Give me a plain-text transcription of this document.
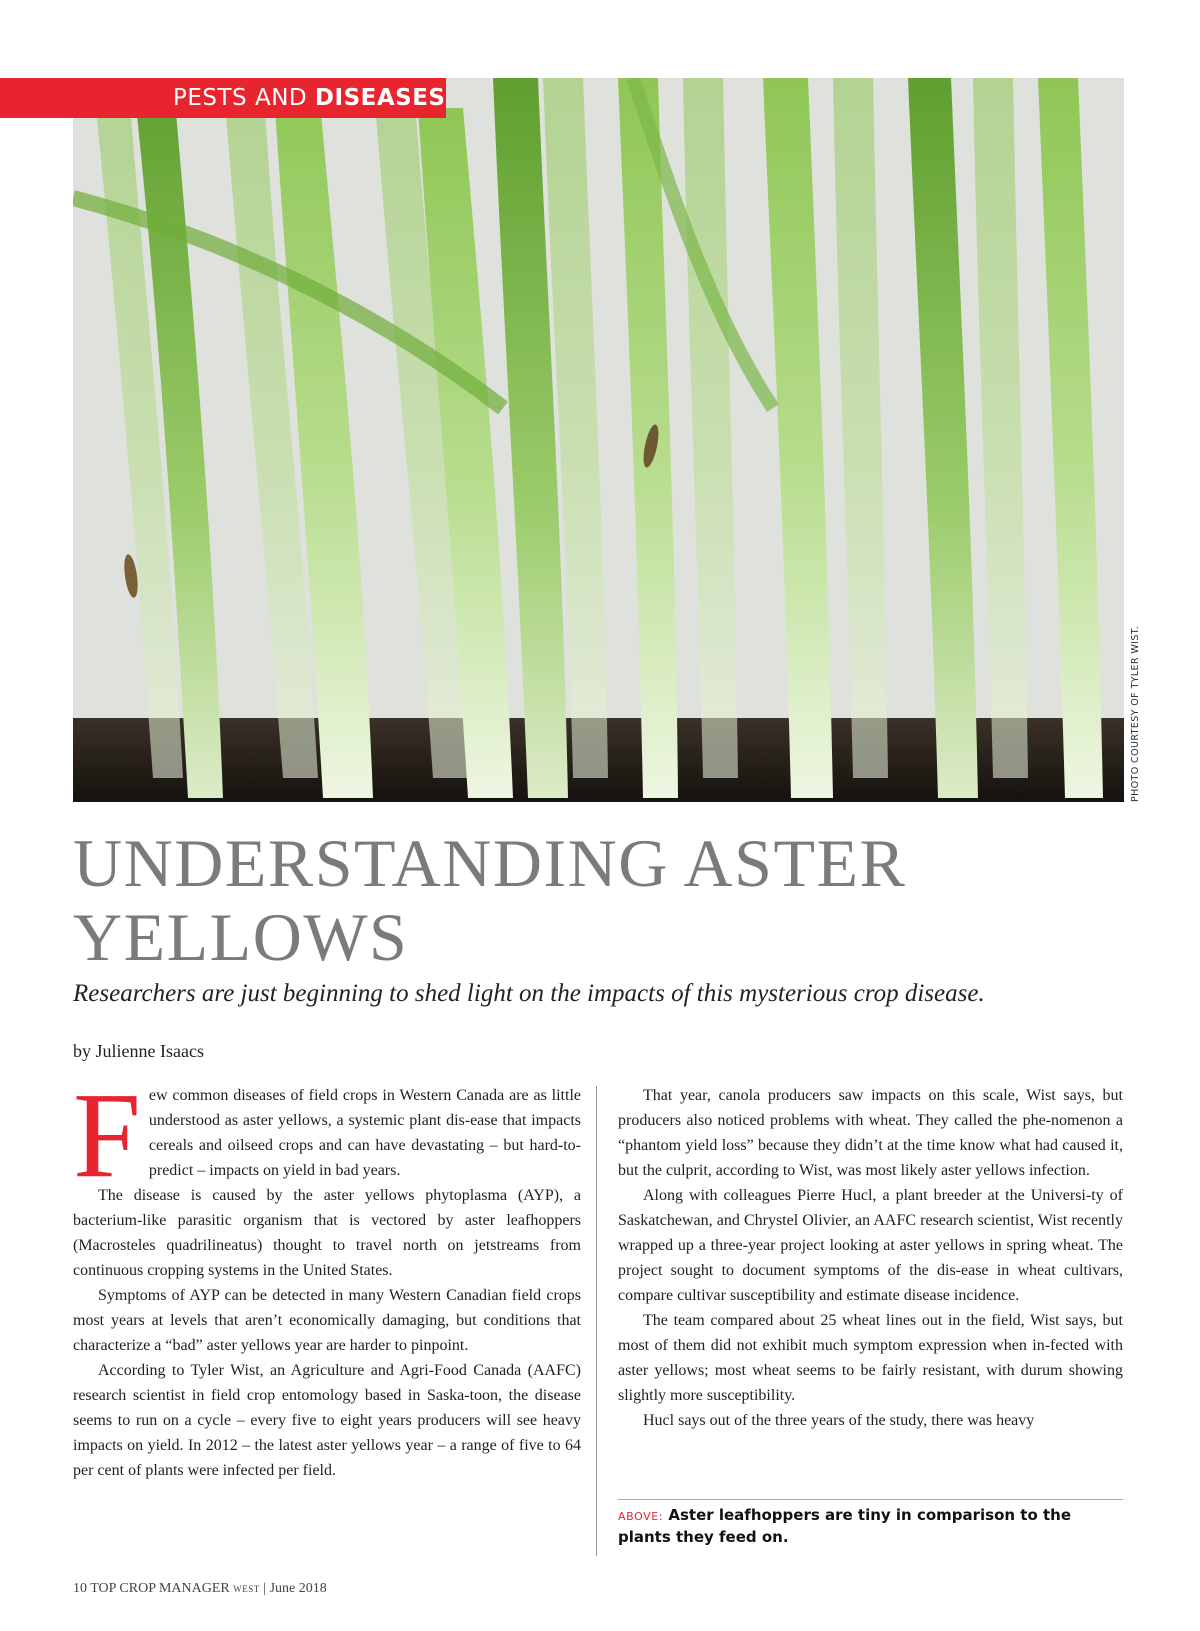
PESTS AND DISEASES
PHOTO COURTESY OF TYLER WIST.
UNDERSTANDING ASTER YELLOWS

Researchers are just beginning to shed light on the impacts of this mysterious crop disease.

by Julienne Isaacs

Few common diseases of field crops in Western Canada are as little understood as aster yellows, a systemic plant dis-ease that impacts cereals and oilseed crops and can have devastating – but hard-to-predict – impacts on yield in bad years.

The disease is caused by the aster yellows phytoplasma (AYP), a bacterium-like parasitic organism that is vectored by aster leafhoppers (Macrosteles quadrilineatus) thought to travel north on jetstreams from continuous cropping systems in the United States.

Symptoms of AYP can be detected in many Western Canadian field crops most years at levels that aren’t economically damaging, but conditions that characterize a “bad” aster yellows year are harder to pinpoint.

According to Tyler Wist, an Agriculture and Agri-Food Canada (AAFC) research scientist in field crop entomology based in Saska-toon, the disease seems to run on a cycle – every five to eight years producers will see heavy impacts on yield. In 2012 – the latest aster yellows year – a range of five to 64 per cent of plants were infected per field.

That year, canola producers saw impacts on this scale, Wist says, but producers also noticed problems with wheat. They called the phe-nomenon a “phantom yield loss” because they didn’t at the time know what had caused it, but the culprit, according to Wist, was most likely aster yellows infection.

Along with colleagues Pierre Hucl, a plant breeder at the Universi-ty of Saskatchewan, and Chrystel Olivier, an AAFC research scientist, Wist recently wrapped up a three-year project looking at aster yellows in spring wheat. The project sought to document symptoms of the dis-ease in wheat cultivars, compare cultivar susceptibility and estimate disease incidence.

The team compared about 25 wheat lines out in the field, Wist says, but most of them did not exhibit much symptom expression when in-fected with aster yellows; most wheat seems to be fairly resistant, with durum showing slightly more susceptibility.

Hucl says out of the three years of the study, there was heavy

ABOVE: Aster leafhoppers are tiny in comparison to the plants they feed on.

10 TOP CROP MANAGER WEST | June 2018
